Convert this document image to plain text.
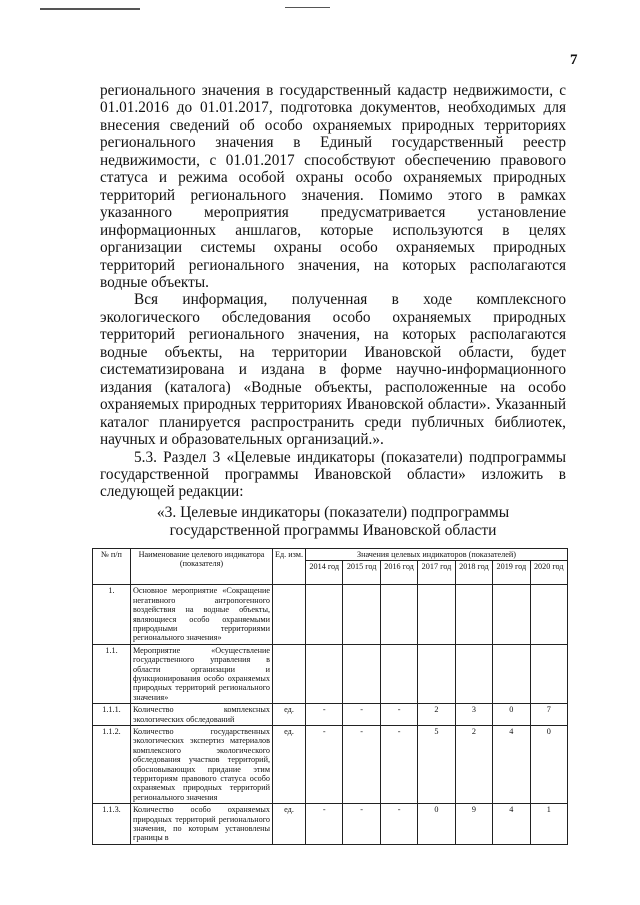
7

регионального значения в государственный кадастр недвижимости, с 01.01.2016 до 01.01.2017, подготовка документов, необходимых для внесения сведений об особо охраняемых природных территориях регионального значения в Единый государственный реестр недвижимости, с 01.01.2017 способствуют обеспечению правового статуса и режима особой охраны особо охраняемых природных территорий регионального значения. Помимо этого в рамках указанного мероприятия предусматривается установление информационных аншлагов, которые используются в целях организации системы охраны особо охраняемых природных территорий регионального значения, на которых располагаются водные объекты.

Вся информация, полученная в ходе комплексного экологического обследования особо охраняемых природных территорий регионального значения, на которых располагаются водные объекты, на территории Ивановской области, будет систематизирована и издана в форме научно-информационного издания (каталога) «Водные объекты, расположенные на особо охраняемых природных территориях Ивановской области». Указанный каталог планируется распространить среди публичных библиотек, научных и образовательных организаций.».

5.3. Раздел 3 «Целевые индикаторы (показатели) подпрограммы государственной программы Ивановской области» изложить в следующей редакции:

«3. Целевые индикаторы (показатели) подпрограммы
государственной программы Ивановской области
№ п/п	Наименование целевого индикатора (показателя)	Ед. изм.	Значения целевых индикаторов (показателей)						
			2014 год	2015 год	2016 год	2017 год	2018 год	2019 год	2020 год
1.	Основное мероприятие «Сокращение негативного антропогенного воздействия на водные объекты, являющиеся особо охраняемыми природными территориями регионального значения»								
1.1.	Мероприятие «Осуществление государственного управления в области организации и функционирования особо охраняемых природных территорий регионального значения»								
1.1.1.	Количество комплексных экологических обследований	ед.	-	-	-	2	3	0	7
1.1.2.	Количество государственных экологических экспертиз материалов комплексного экологического обследования участков территорий, обосновывающих придание этим территориям правового статуса особо охраняемых природных территорий регионального значения	ед.	-	-	-	5	2	4	0
1.1.3.	Количество особо охраняемых природных территорий регионального значения, по которым установлены границы в	ед.	-	-	-	0	9	4	1
